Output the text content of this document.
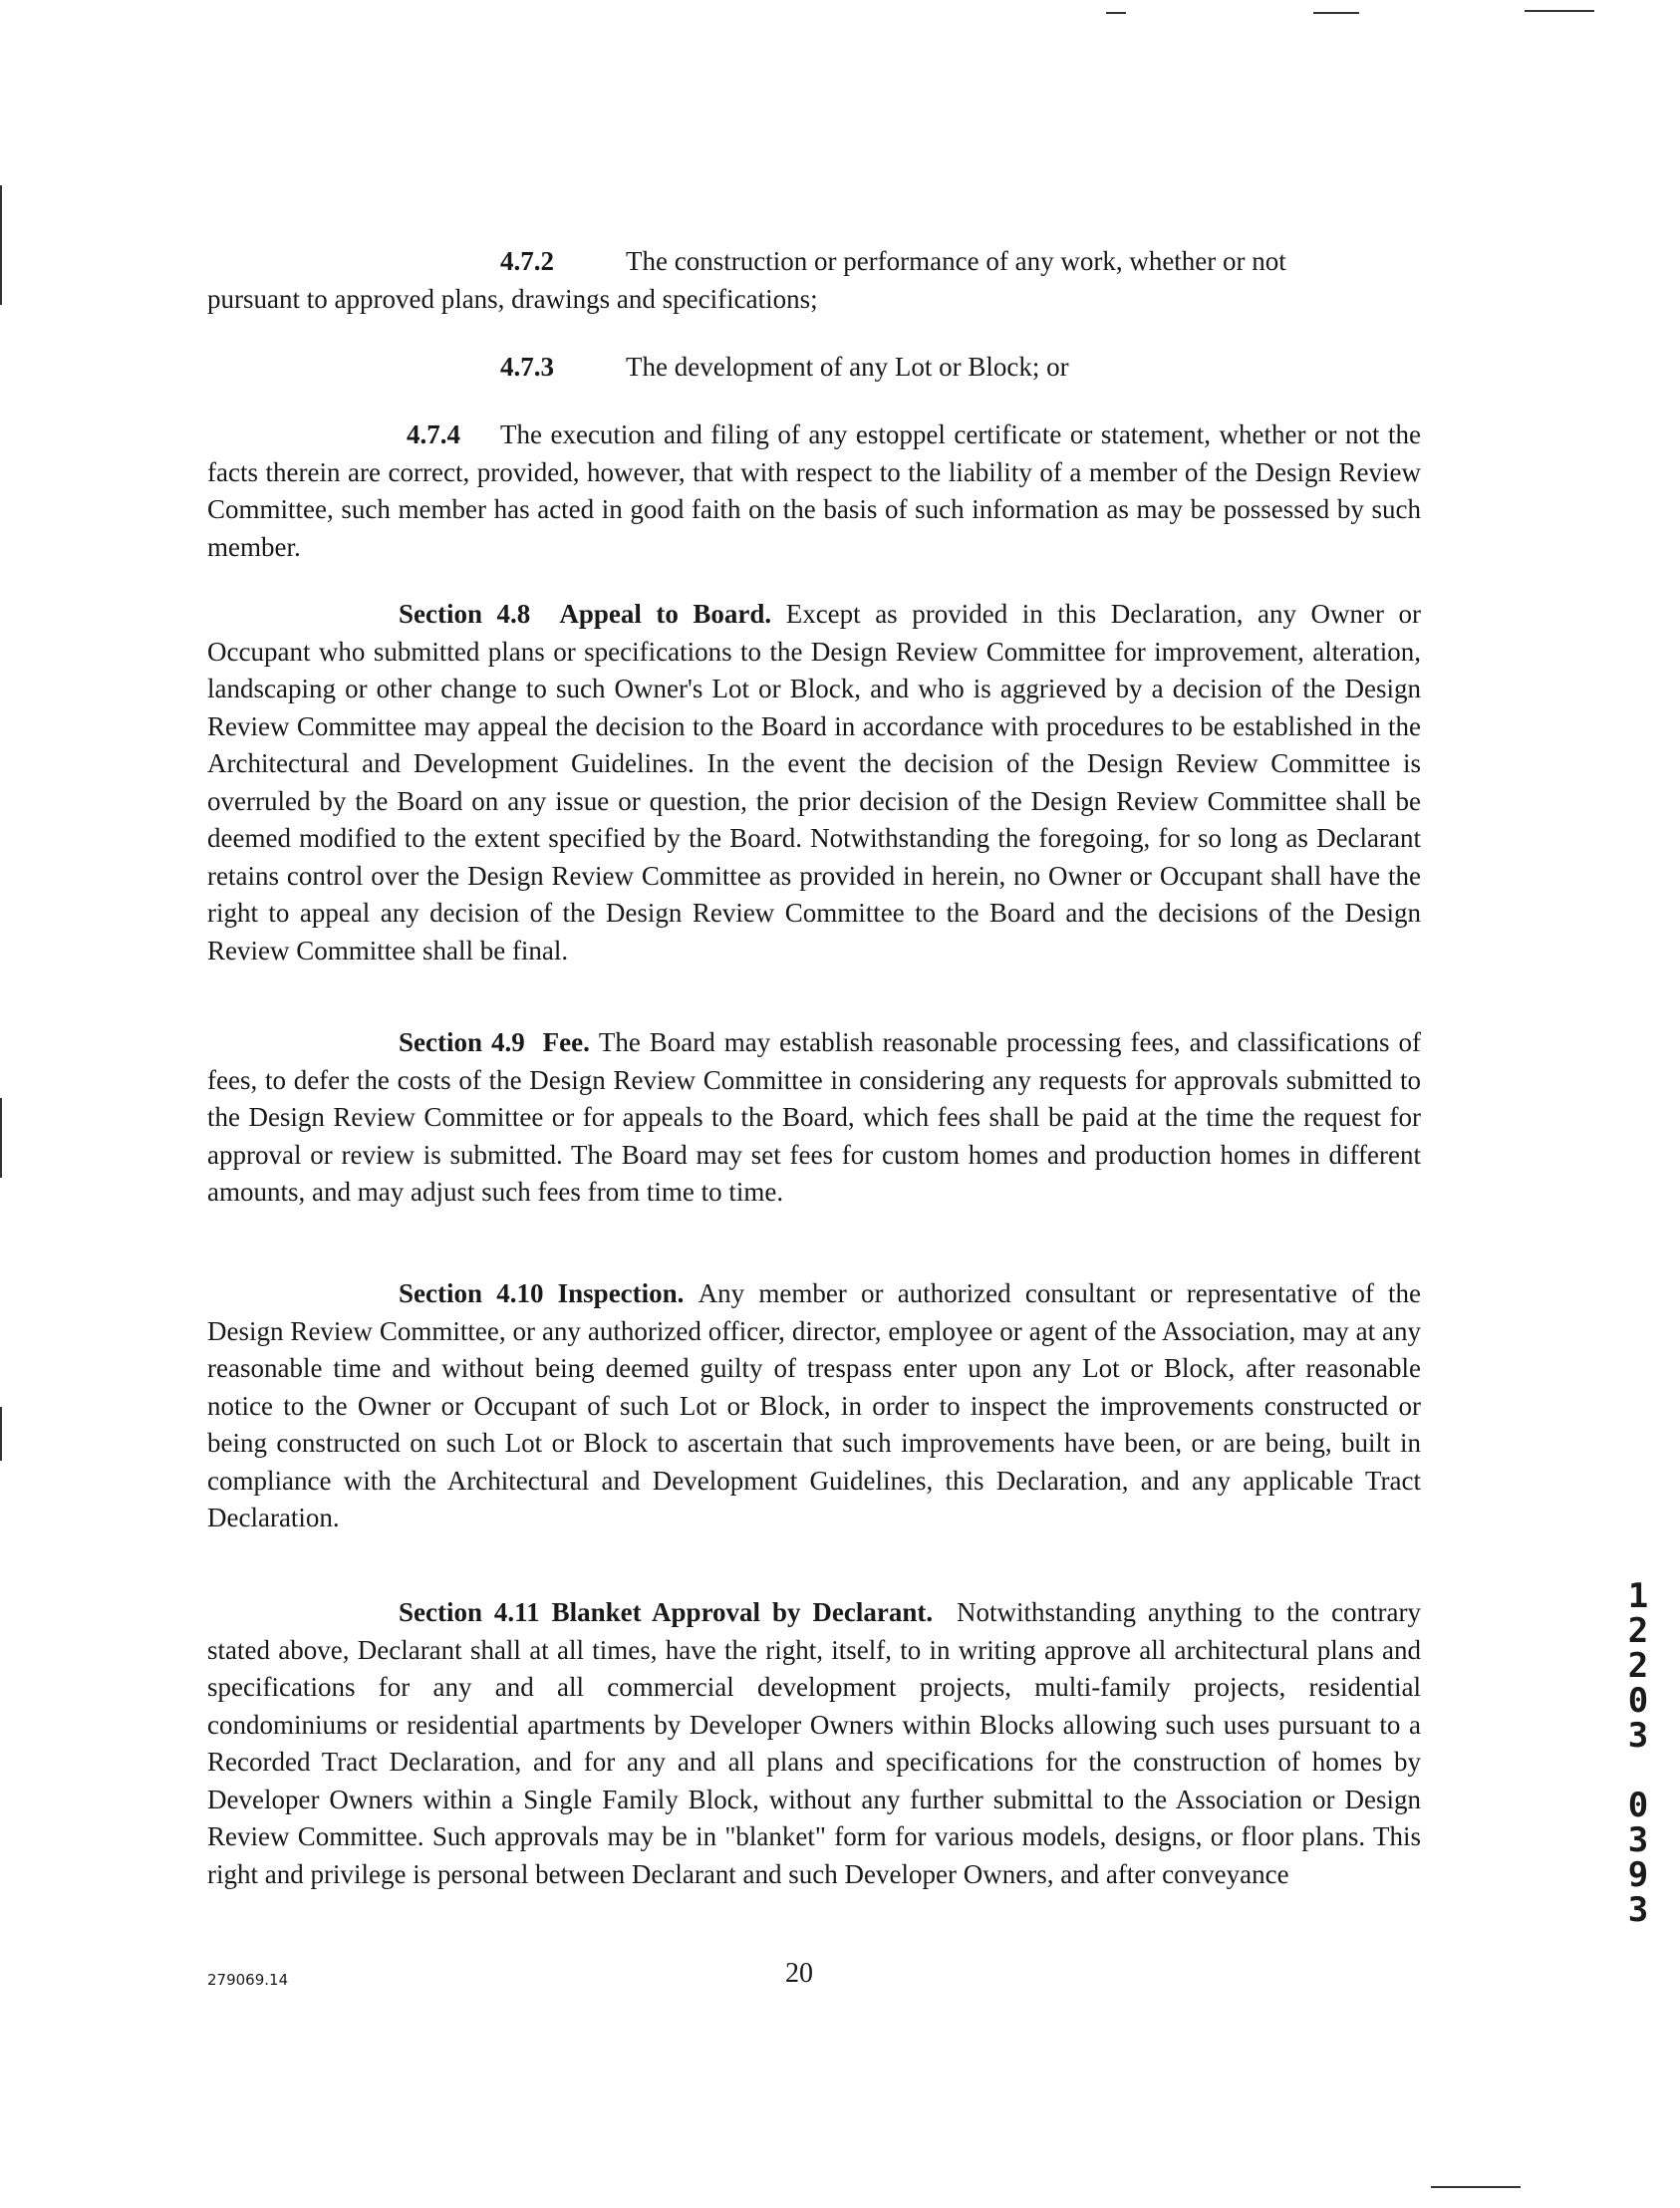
4.7.2	The construction or performance of any work, whether or not
pursuant to approved plans, drawings and specifications;
4.7.3	The development of any Lot or Block; or
4.7.4 The execution and filing of any estoppel certificate or statement, whether or not the facts therein are correct, provided, however, that with respect to the liability of a member of the Design Review Committee, such member has acted in good faith on the basis of such information as may be possessed by such member.
Section 4.8 Appeal to Board. Except as provided in this Declaration, any Owner or Occupant who submitted plans or specifications to the Design Review Committee for improvement, alteration, landscaping or other change to such Owner's Lot or Block, and who is aggrieved by a decision of the Design Review Committee may appeal the decision to the Board in accordance with procedures to be established in the Architectural and Development Guidelines. In the event the decision of the Design Review Committee is overruled by the Board on any issue or question, the prior decision of the Design Review Committee shall be deemed modified to the extent specified by the Board. Notwithstanding the foregoing, for so long as Declarant retains control over the Design Review Committee as provided in herein, no Owner or Occupant shall have the right to appeal any decision of the Design Review Committee to the Board and the decisions of the Design Review Committee shall be final.
Section 4.9 Fee. The Board may establish reasonable processing fees, and classifications of fees, to defer the costs of the Design Review Committee in considering any requests for approvals submitted to the Design Review Committee or for appeals to the Board, which fees shall be paid at the time the request for approval or review is submitted. The Board may set fees for custom homes and production homes in different amounts, and may adjust such fees from time to time.
Section 4.10 Inspection. Any member or authorized consultant or representative of the Design Review Committee, or any authorized officer, director, employee or agent of the Association, may at any reasonable time and without being deemed guilty of trespass enter upon any Lot or Block, after reasonable notice to the Owner or Occupant of such Lot or Block, in order to inspect the improvements constructed or being constructed on such Lot or Block to ascertain that such improvements have been, or are being, built in compliance with the Architectural and Development Guidelines, this Declaration, and any applicable Tract Declaration.
Section 4.11 Blanket Approval by Declarant. Notwithstanding anything to the contrary stated above, Declarant shall at all times, have the right, itself, to in writing approve all architectural plans and specifications for any and all commercial development projects, multi-family projects, residential condominiums or residential apartments by Developer Owners within Blocks allowing such uses pursuant to a Recorded Tract Declaration, and for any and all plans and specifications for the construction of homes by Developer Owners within a Single Family Block, without any further submittal to the Association or Design Review Committee. Such approvals may be in "blanket" form for various models, designs, or floor plans. This right and privilege is personal between Declarant and such Developer Owners, and after conveyance
279069.14	20
1
2
2
0
3
0
3
9
3
